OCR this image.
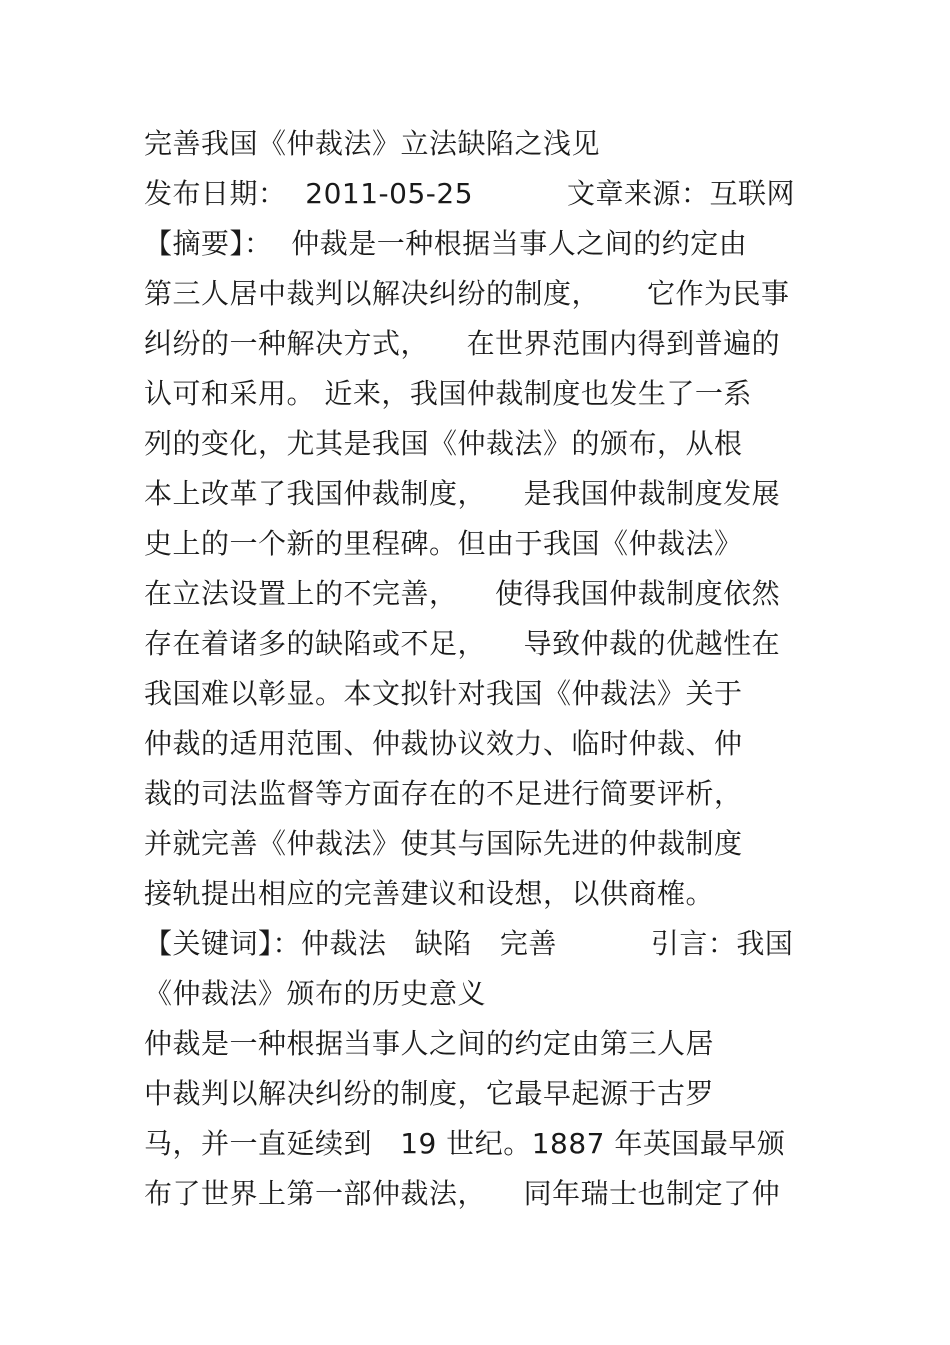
完善我国《仲裁法》立法缺陷之浅见
发布日期：  2011-05-25          文章来源：互联网
【摘要】：  仲裁是一种根据当事人之间的约定由
第三人居中裁判以解决纠纷的制度，     它作为民事
纠纷的一种解决方式，    在世界范围内得到普遍的
认可和采用。 近来，我国仲裁制度也发生了一系
列的变化，尤其是我国《仲裁法》的颁布，从根
本上改革了我国仲裁制度，    是我国仲裁制度发展
史上的一个新的里程碑。但由于我国《仲裁法》
在立法设置上的不完善，    使得我国仲裁制度依然
存在着诸多的缺陷或不足，    导致仲裁的优越性在
我国难以彰显。本文拟针对我国《仲裁法》关于
仲裁的适用范围、仲裁协议效力、临时仲裁、仲
裁的司法监督等方面存在的不足进行简要评析，
并就完善《仲裁法》使其与国际先进的仲裁制度
接轨提出相应的完善建议和设想，以供商榷。
【关键词】：仲裁法   缺陷   完善          引言：我国
《仲裁法》颁布的历史意义
仲裁是一种根据当事人之间的约定由第三人居
中裁判以解决纠纷的制度，它最早起源于古罗
马，并一直延续到   19 世纪。1887 年英国最早颁
布了世界上第一部仲裁法，    同年瑞士也制定了仲
